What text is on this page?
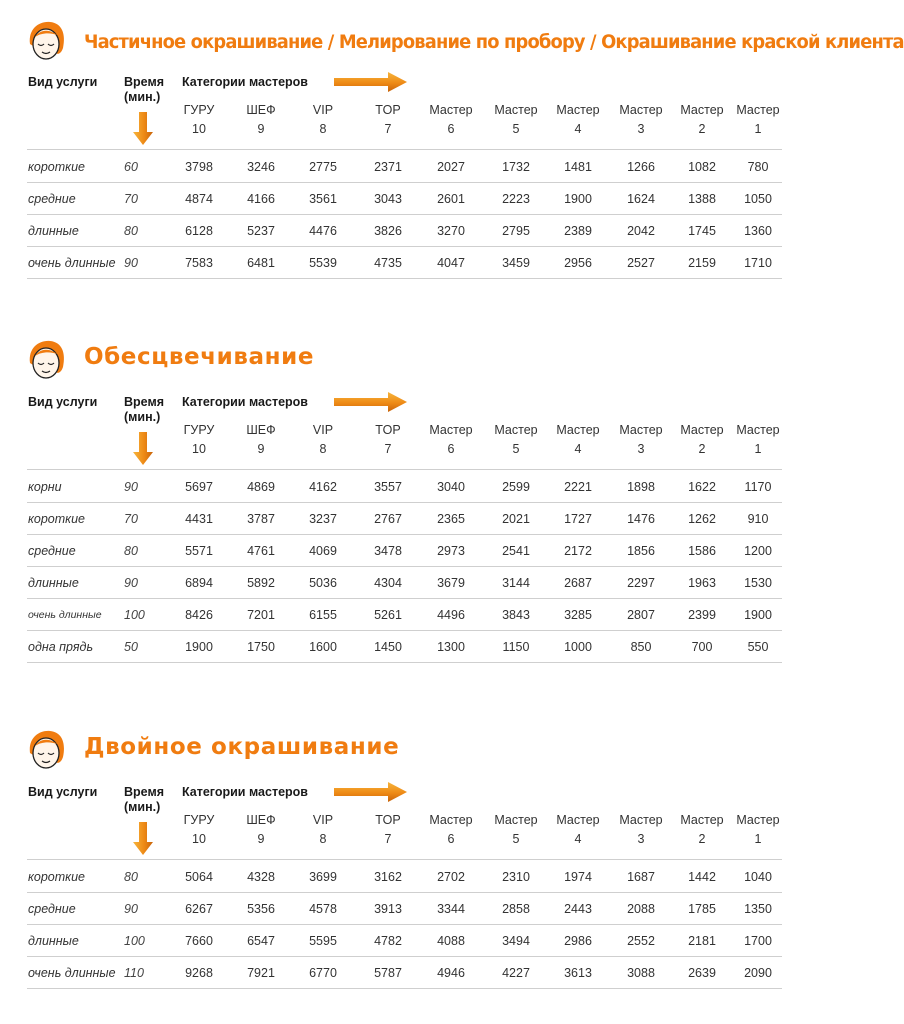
Частичное окрашивание / Мелирование по пробору / Окрашивание краской клиента
Вид услуги Время (мин.)
Категории мастеров
ГУРУ
10
ШЕФ
9
VIP
8
TOP
7
Мастер
6
Мастер
5
Мастер
4
Мастер
3
Мастер
2
Мастер
1
короткие	60	3798	3246	2775	2371	2027	1732	1481	1266	1082	780
средние	70	4874	4166	3561	3043	2601	2223	1900	1624	1388	1050
длинные	80	6128	5237	4476	3826	3270	2795	2389	2042	1745	1360
очень длинные 90	7583	6481	5539	4735	4047	3459	2956	2527	2159	1710
Обесцвечивание
Вид услуги Время (мин.)
Категории мастеров
ГУРУ
10
ШЕФ
9
VIP
8
TOP
7
Мастер
6
Мастер
5
Мастер
4
Мастер
3
Мастер
2
Мастер
1
корни	90	5697	4869	4162	3557	3040	2599	2221	1898	1622	1170
короткие	70	4431	3787	3237	2767	2365	2021	1727	1476	1262	910
средние	80	5571	4761	4069	3478	2973	2541	2172	1856	1586	1200
длинные	90	6894	5892	5036	4304	3679	3144	2687	2297	1963	1530
очень длинные 100	8426	7201	6155	5261	4496	3843	3285	2807	2399	1900
одна прядь 50	1900	1750	1600	1450	1300	1150	1000	850	700	550
Двойное окрашивание
Вид услуги Время (мин.)
Категории мастеров
ГУРУ
10
ШЕФ
9
VIP
8
TOP
7
Мастер
6
Мастер
5
Мастер
4
Мастер
3
Мастер
2
Мастер
1
короткие	80	5064	4328	3699	3162	2702	2310	1974	1687	1442	1040
средние	90	6267	5356	4578	3913	3344	2858	2443	2088	1785	1350
длинные	100	7660	6547	5595	4782	4088	3494	2986	2552	2181	1700
очень длинные 110	9268	7921	6770	5787	4946	4227	3613	3088	2639	2090
